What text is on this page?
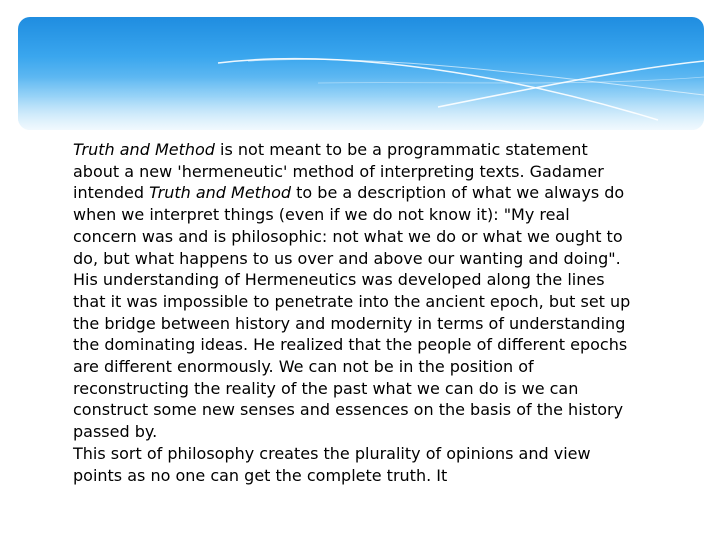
Truth and Method is not meant to be a programmatic statement about a new 'hermeneutic' method of interpreting texts. Gadamer intended Truth and Method to be a description of what we always do when we interpret things (even if we do not know it): "My real concern was and is philosophic: not what we do or what we ought to do, but what happens to us over and above our wanting and doing".

His understanding of Hermeneutics was developed along the lines that it was impossible to penetrate into the ancient epoch, but set up the bridge between history and modernity in terms of understanding the dominating ideas. He realized that the people of different epochs are different enormously. We can not be in the position of reconstructing the reality of the past what we can do is we can construct some new senses and essences on the basis of the history passed by.

This sort of philosophy creates the plurality of opinions and view points as no one can get the complete truth. It
